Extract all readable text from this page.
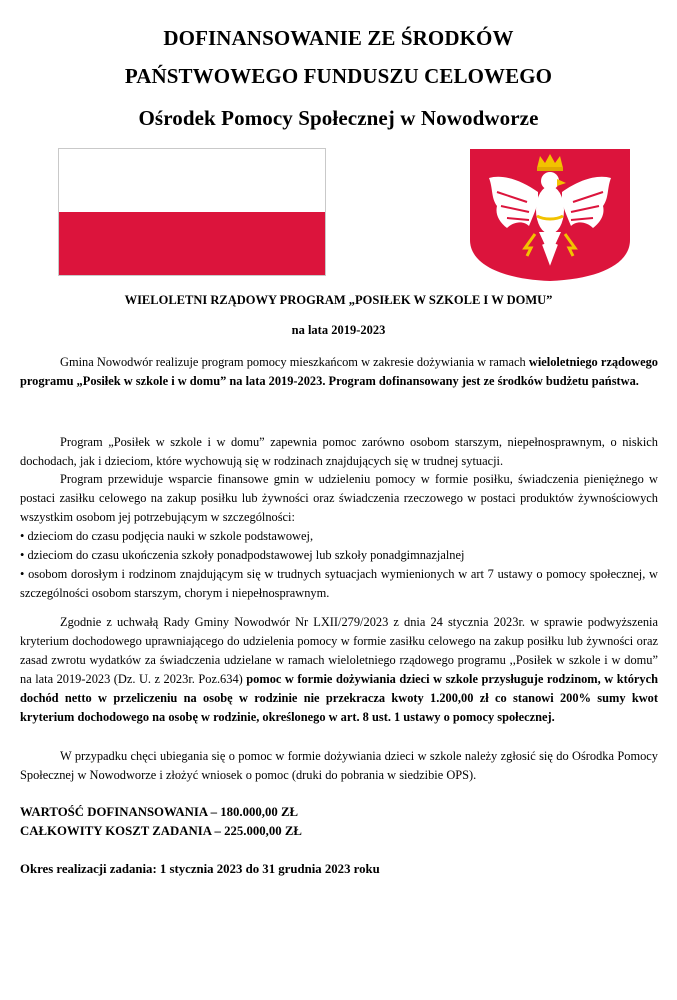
DOFINANSOWANIE ZE ŚRODKÓW
PAŃSTWOWEGO FUNDUSZU CELOWEGO
Ośrodek Pomocy Społecznej w Nowodworze
WIELOLETNI RZĄDOWY PROGRAM „POSIŁEK W SZKOLE I W DOMU”
na lata 2019-2023

Gmina Nowodwór realizuje program pomocy mieszkańcom w zakresie dożywiania w ramach wieloletniego rządowego programu „Posiłek w szkole i w domu” na lata 2019-2023. Program dofinansowany jest ze środków budżetu państwa.

Program „Posiłek w szkole i w domu” zapewnia pomoc zarówno osobom starszym, niepełnosprawnym, o niskich dochodach, jak i dzieciom, które wychowują się w rodzinach znajdujących się w trudnej sytuacji.

Program przewiduje wsparcie finansowe gmin w udzieleniu pomocy w formie posiłku, świadczenia pieniężnego w postaci zasiłku celowego na zakup posiłku lub żywności oraz świadczenia rzeczowego w postaci produktów żywnościowych wszystkim osobom jej potrzebującym w szczególności:

• dzieciom do czasu podjęcia nauki w szkole podstawowej,

• dzieciom do czasu ukończenia szkoły ponadpodstawowej lub szkoły ponadgimnazjalnej

• osobom dorosłym i rodzinom znajdującym się w trudnych sytuacjach wymienionych w art 7 ustawy o pomocy społecznej, w szczególności osobom starszym, chorym i niepełnosprawnym.

Zgodnie z uchwałą Rady Gminy Nowodwór Nr LXII/279/2023 z dnia 24 stycznia 2023r. w sprawie podwyższenia kryterium dochodowego uprawniającego do udzielenia pomocy w formie zasiłku celowego na zakup posiłku lub żywności oraz zasad zwrotu wydatków za świadczenia udzielane w ramach wieloletniego rządowego programu ,,Posiłek w szkole i w domu” na lata 2019-2023 (Dz. U. z 2023r. Poz.634) pomoc w formie dożywiania dzieci w szkole przysługuje rodzinom, w których dochód netto w przeliczeniu na osobę w rodzinie nie przekracza kwoty 1.200,00 zł co stanowi 200% sumy kwot kryterium dochodowego na osobę w rodzinie, określonego w art. 8 ust. 1 ustawy o pomocy społecznej.

W przypadku chęci ubiegania się o pomoc w formie dożywiania dzieci w szkole należy zgłosić się do Ośrodka Pomocy Społecznej w Nowodworze i złożyć wniosek o pomoc (druki do pobrania w siedzibie OPS).

WARTOŚĆ DOFINANSOWANIA – 180.000,00 ZŁ
CAŁKOWITY KOSZT ZADANIA – 225.000,00 ZŁ
Okres realizacji zadania: 1 stycznia 2023 do 31 grudnia 2023 roku
